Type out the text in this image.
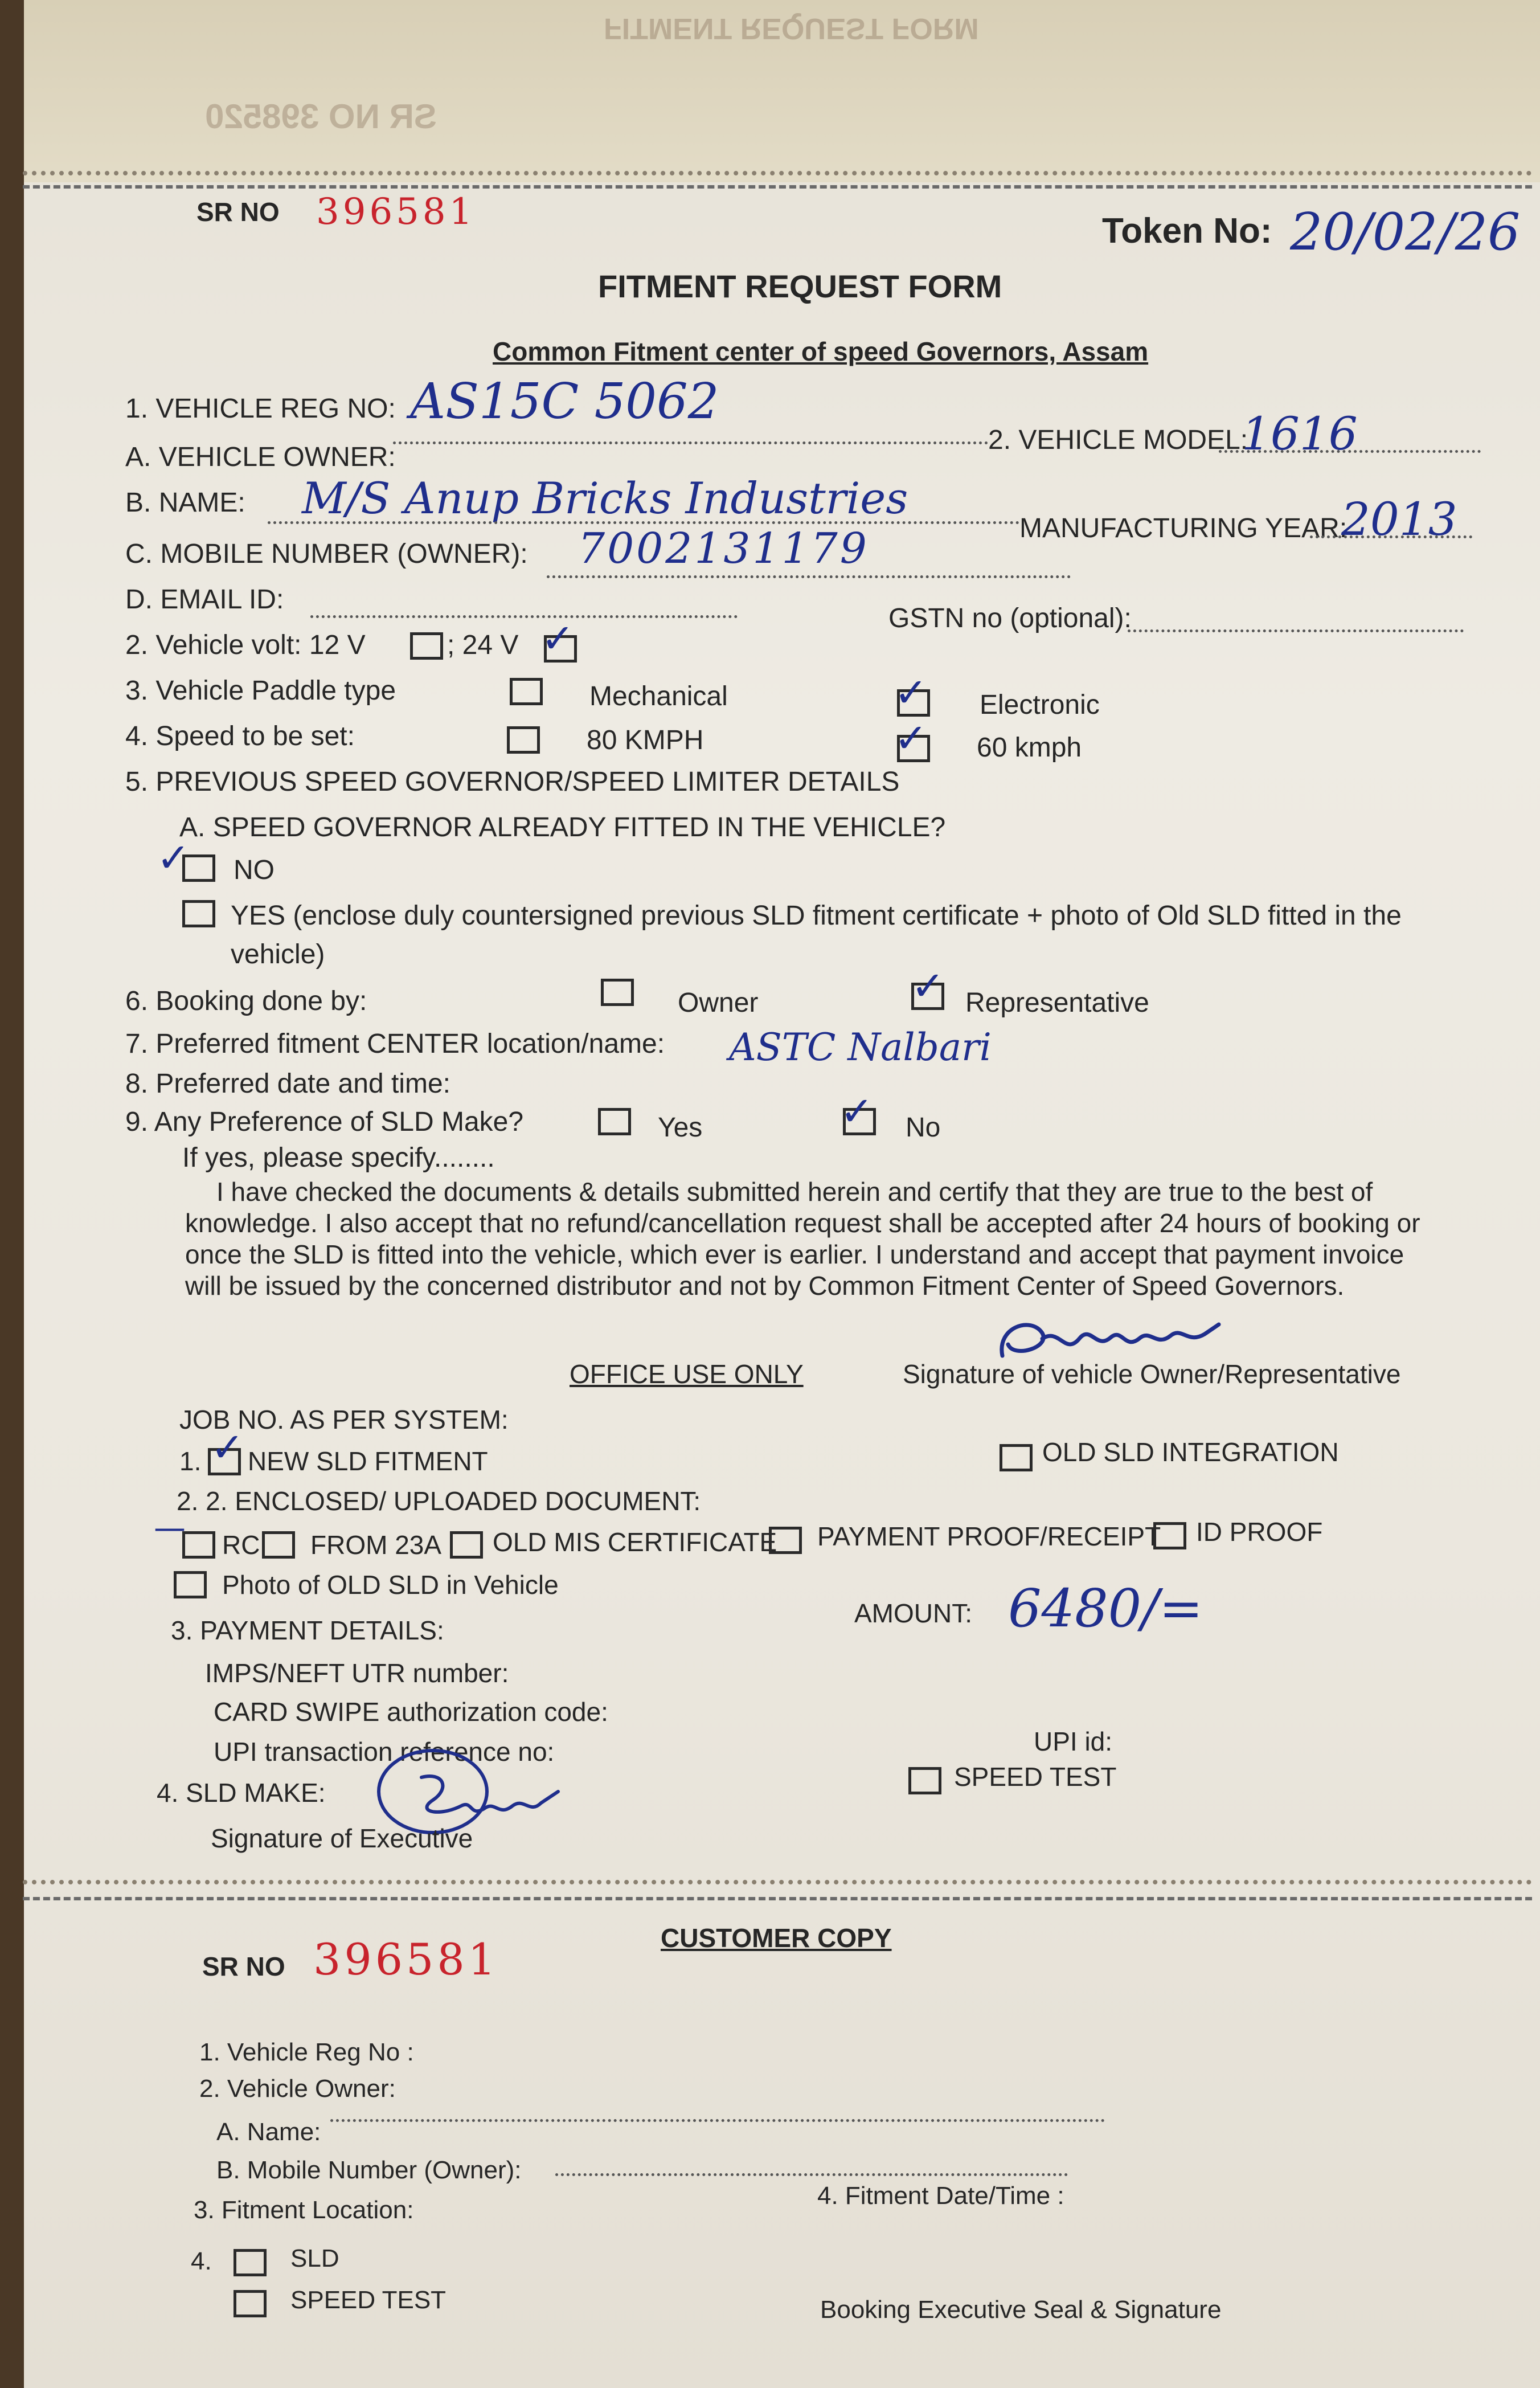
FITMENT REQUEST FORM
SR NO 398520
SR NO 396581	Token No: 20/02/26
FITMENT REQUEST FORM
Common Fitment center of speed Governors, Assam
1. VEHICLE REG NO: AS15C 5062
2. VEHICLE MODEL:
1616
A. VEHICLE OWNER:
B. NAME: M/S Anup Bricks Industries
MANUFACTURING YEAR:
2013
C. MOBILE NUMBER (OWNER): 7002131179
D. EMAIL ID:
GSTN no (optional):
2. Vehicle volt: 12 V	; 24 V ✓
3. Vehicle Paddle type	Mechanical	✓ Electronic
4. Speed to be set:	80 KMPH	✓ 60 kmph
5. PREVIOUS SPEED GOVERNOR/SPEED LIMITER DETAILS
A. SPEED GOVERNOR ALREADY FITTED IN THE VEHICLE?
✓ NO
YES (enclose duly countersigned previous SLD fitment certificate + photo of Old SLD fitted in the
vehicle)
6. Booking done by:	Owner	✓ Representative
7. Preferred fitment CENTER location/name: ASTC Nalbari
8. Preferred date and time:
9. Any Preference of SLD Make?	Yes	✓ No
If yes, please specify........
I have checked the documents & details submitted herein and certify that they are true to the best of
knowledge. I also accept that no refund/cancellation request shall be accepted after 24 hours of booking or
once the SLD is fitted into the vehicle, which ever is earlier. I understand and accept that payment invoice
will be issued by the concerned distributor and not by Common Fitment Center of Speed Governors.
OFFICE USE ONLY	Signature of vehicle Owner/Representative
JOB NO. AS PER SYSTEM:
1. ✓ NEW SLD FITMENT	OLD SLD INTEGRATION
2. 2. ENCLOSED/ UPLOADED DOCUMENT:
— RC FROM 23A OLD MIS CERTIFICATE PAYMENT PROOF/RECEIPT ID PROOF
Photo of OLD SLD in Vehicle
3. PAYMENT DETAILS:
AMOUNT: 6480/=
IMPS/NEFT UTR number:
CARD SWIPE authorization code:
UPI transaction reference no:	UPI id:
4. SLD MAKE:
SPEED TEST
Signature of Executive
SR NO 396581	CUSTOMER COPY
1. Vehicle Reg No :
2. Vehicle Owner:
A. Name:
B. Mobile Number (Owner):
3. Fitment Location:
4. Fitment Date/Time :
4.	SLD
SPEED TEST	Booking Executive Seal & Signature
